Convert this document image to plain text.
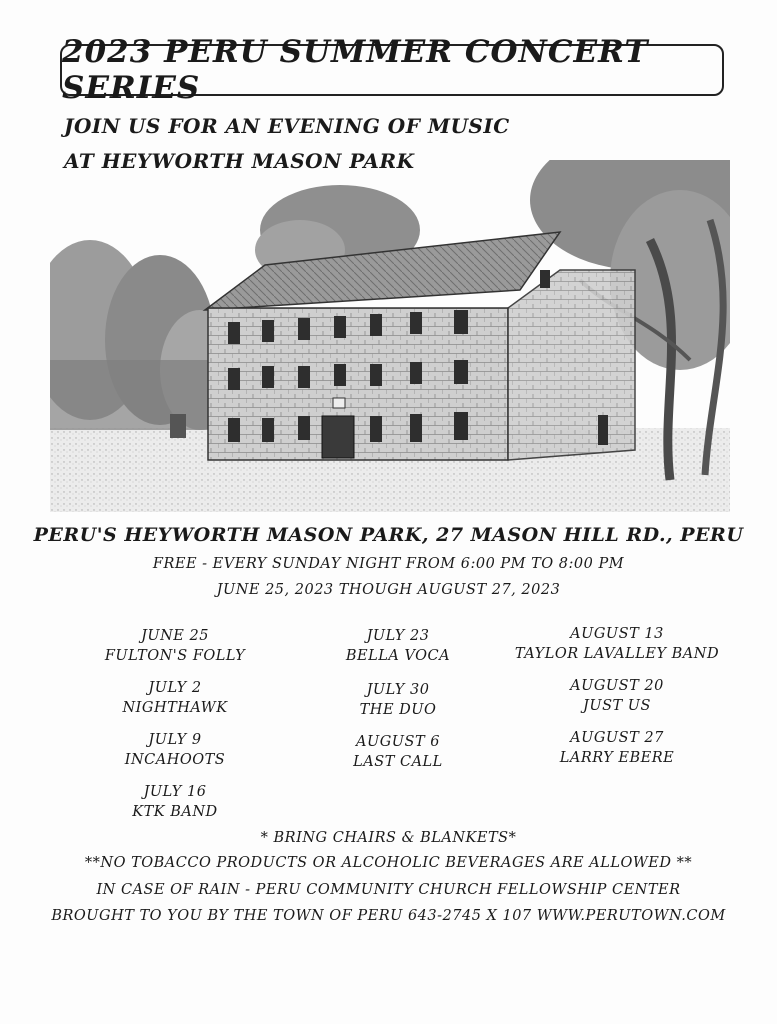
2023 PERU SUMMER CONCERT SERIES
JOIN US FOR AN EVENING OF MUSIC
AT HEYWORTH MASON PARK
PERU'S HEYWORTH MASON PARK, 27 MASON HILL RD., PERU
FREE - EVERY SUNDAY NIGHT FROM 6:00 PM TO 8:00 PM
JUNE 25, 2023 THOUGH AUGUST 27, 2023
JUNE 25
FULTON'S FOLLY
JULY 2
NIGHTHAWK
JULY 9
INCAHOOTS
JULY 16
KTK BAND
JULY 23
BELLA VOCA
JULY 30
THE DUO
AUGUST 6
LAST CALL
AUGUST 13
TAYLOR LAVALLEY BAND
AUGUST 20
JUST US
AUGUST 27
LARRY EBERE
* BRING CHAIRS & BLANKETS*
**NO TOBACCO PRODUCTS OR ALCOHOLIC BEVERAGES ARE ALLOWED **
IN CASE OF RAIN - PERU COMMUNITY CHURCH FELLOWSHIP CENTER
BROUGHT TO YOU BY THE TOWN OF PERU 643-2745 X 107 WWW.PERUTOWN.COM
